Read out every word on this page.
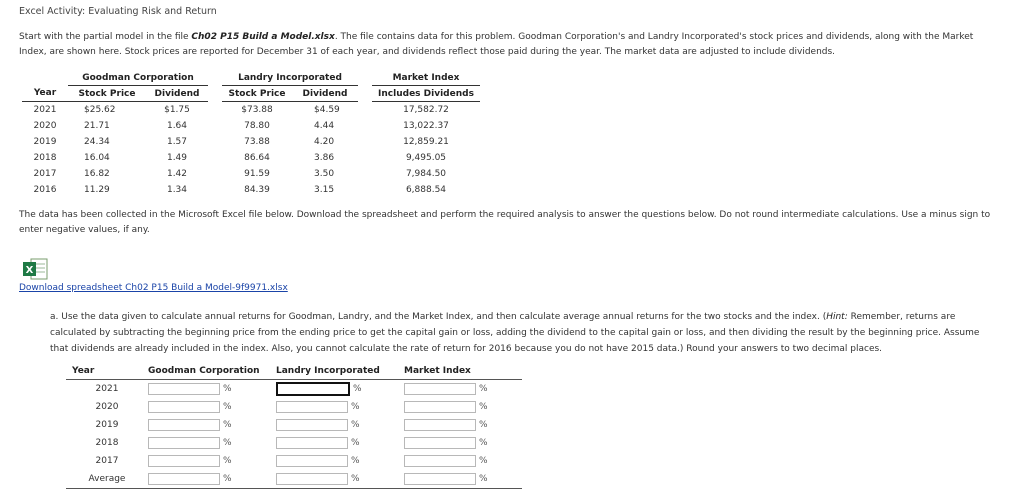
Excel Activity: Evaluating Risk and Return
Start with the partial model in the file Ch02 P15 Build a Model.xlsx. The file contains data for this problem. Goodman Corporation's and Landry Incorporated's stock prices and dividends, along with the Market
Index, are shown here. Stock prices are reported for December 31 of each year, and dividends reflect those paid during the year. The market data are adjusted to include dividends.
	Goodman Corporation			Landry Incorporated			Market Index
Year	Stock Price	Dividend		Stock Price	Dividend		Includes Dividends
2021	$25.62	$1.75		$73.88	$4.59		17,582.72
2020	21.71	1.64		78.80	4.44		13,022.37
2019	24.34	1.57		73.88	4.20		12,859.21
2018	16.04	1.49		86.64	3.86		9,495.05
2017	16.82	1.42		91.59	3.50		7,984.50
2016	11.29	1.34		84.39	3.15		6,888.54
The data has been collected in the Microsoft Excel file below. Download the spreadsheet and perform the required analysis to answer the questions below. Do not round intermediate calculations. Use a minus sign to
enter negative values, if any.
X
Download spreadsheet Ch02 P15 Build a Model-9f9971.xlsx
a. Use the data given to calculate annual returns for Goodman, Landry, and the Market Index, and then calculate average annual returns for the two stocks and the index. (Hint: Remember, returns are
calculated by subtracting the beginning price from the ending price to get the capital gain or loss, adding the dividend to the capital gain or loss, and then dividing the result by the beginning price. Assume
that dividends are already included in the index. Also, you cannot calculate the rate of return for 2016 because you do not have 2015 data.) Round your answers to two decimal places.
Year	Goodman Corporation	Landry Incorporated	Market Index
2021	%	%	%
2020	%	%	%
2019	%	%	%
2018	%	%	%
2017	%	%	%
Average	%	%	%
